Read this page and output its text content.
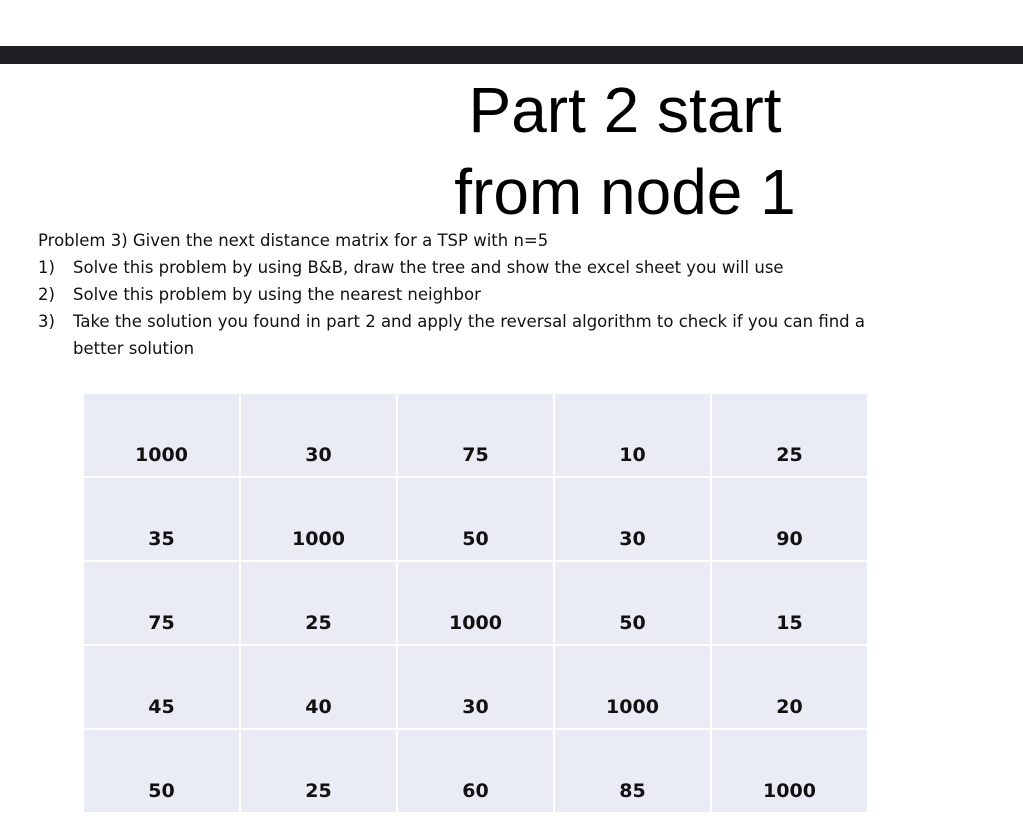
Part 2 start
from node 1
Problem 3) Given the next distance matrix for a TSP with n=5
1)	Solve this problem by using B&B, draw the tree and show the excel sheet you will use
2)	Solve this problem by using the nearest neighbor
3)	Take the solution you found in part 2 and apply the reversal algorithm to check if you can find a
better solution
1000	30	75	10	25
35	1000	50	30	90
75	25	1000	50	15
45	40	30	1000	20
50	25	60	85	1000
